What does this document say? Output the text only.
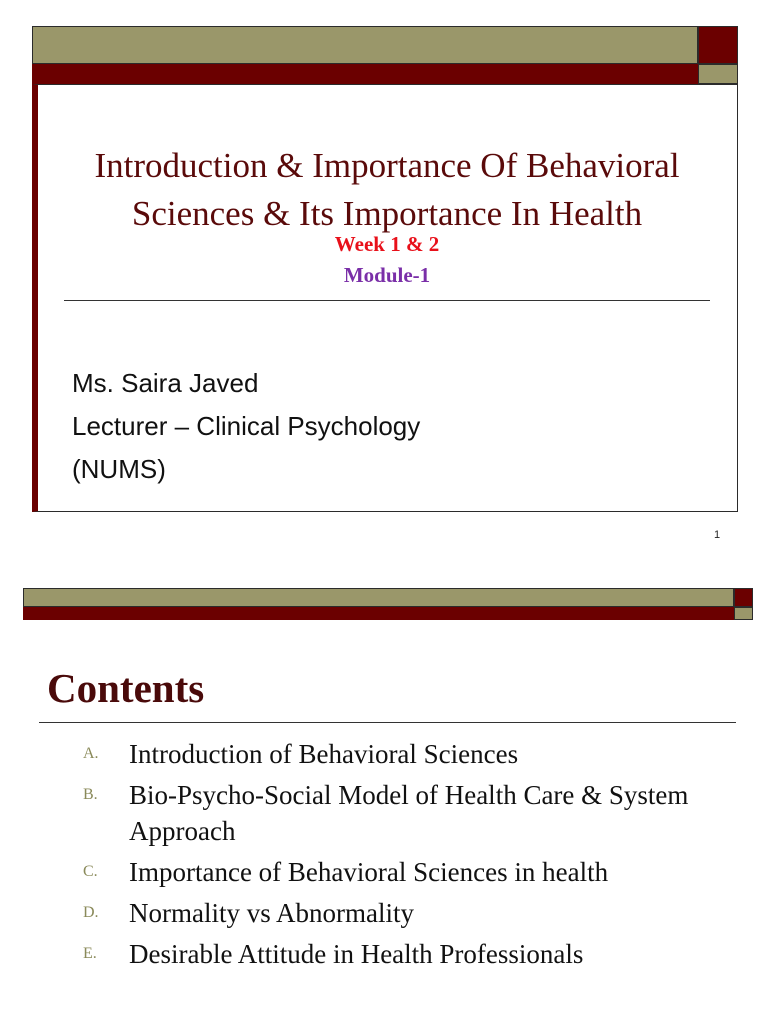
Introduction & Importance Of Behavioral
Sciences & Its Importance In Health
Week 1 & 2
Module-1
Ms. Saira Javed
Lecturer – Clinical Psychology
(NUMS)
1
Contents
A.	Introduction of Behavioral Sciences
B.	Bio-Psycho-Social Model of Health Care & System Approach
C.	Importance of Behavioral Sciences in health
D.	Normality vs Abnormality
E.	Desirable Attitude in Health Professionals
